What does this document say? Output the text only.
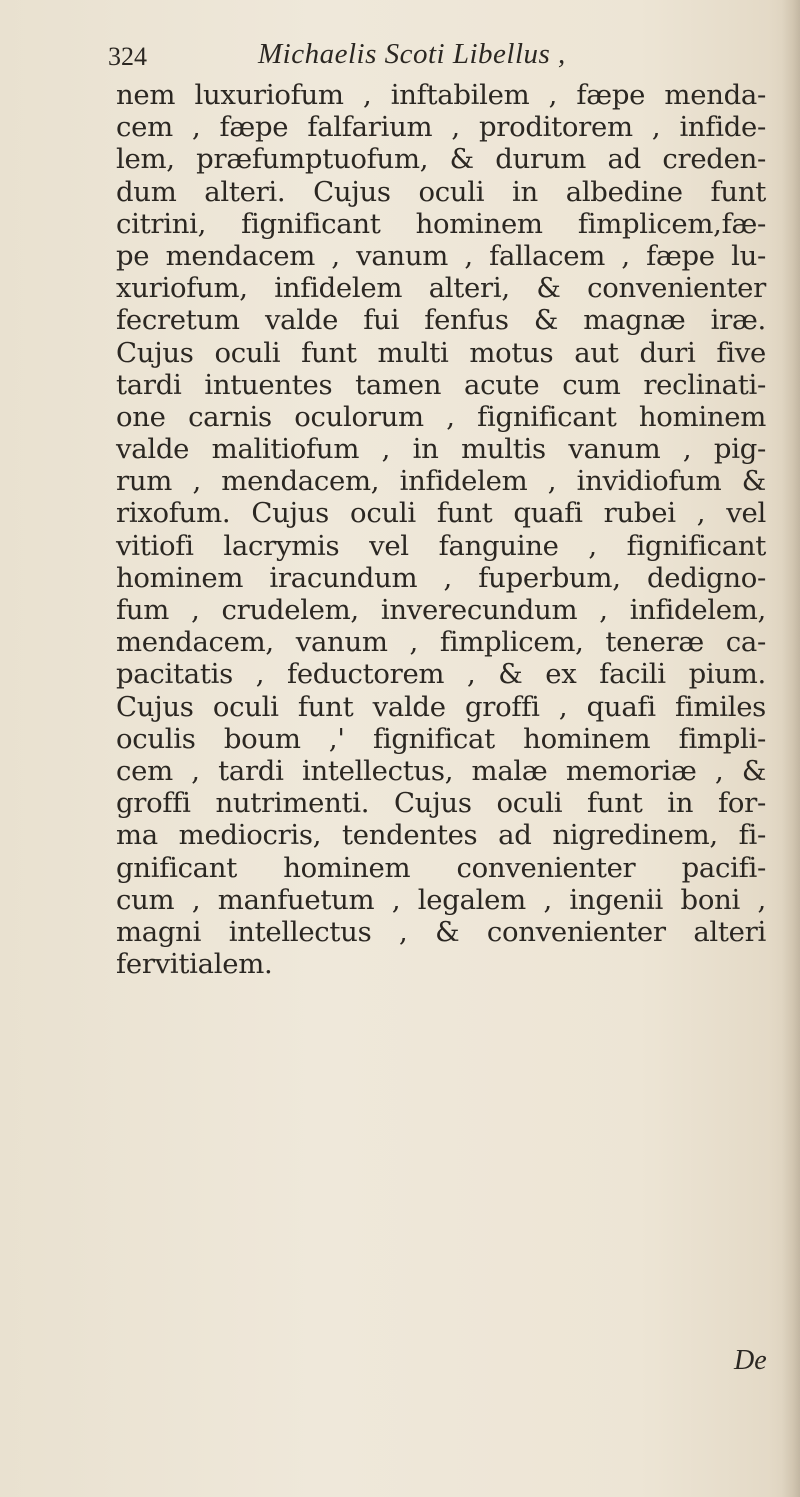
324	Michaelis Scoti Libellus ,
nem luxuriofum , inftabilem , fæpe menda-
cem , fæpe falfarium , proditorem , infide-
lem, præfumptuofum, & durum ad creden-
dum alteri. Cujus oculi in albedine funt
citrini, fignificant hominem fimplicem,fæ-
pe mendacem , vanum , fallacem , fæpe lu-
xuriofum, infidelem alteri, & convenienter
fecretum valde fui fenfus & magnæ iræ.
Cujus oculi funt multi motus aut duri five
tardi intuentes tamen acute cum reclinati-
one carnis oculorum , fignificant hominem
valde malitiofum , in multis vanum , pig-
rum , mendacem, infidelem , invidiofum &
rixofum. Cujus oculi funt quafi rubei , vel
vitiofi lacrymis vel fanguine , fignificant
hominem iracundum , fuperbum, dedigno-
fum , crudelem, inverecundum , infidelem,
mendacem, vanum , fimplicem, teneræ ca-
pacitatis , feductorem , & ex facili pium.
Cujus oculi funt valde groffi , quafi fimiles
oculis boum ,' fignificat hominem fimpli-
cem , tardi intellectus, malæ memoriæ , &
groffi nutrimenti. Cujus oculi funt in for-
ma mediocris, tendentes ad nigredinem, fi-
gnificant hominem convenienter pacifi-
cum , manfuetum , legalem , ingenii boni ,
magni intellectus , & convenienter alteri
fervitialem.
De
